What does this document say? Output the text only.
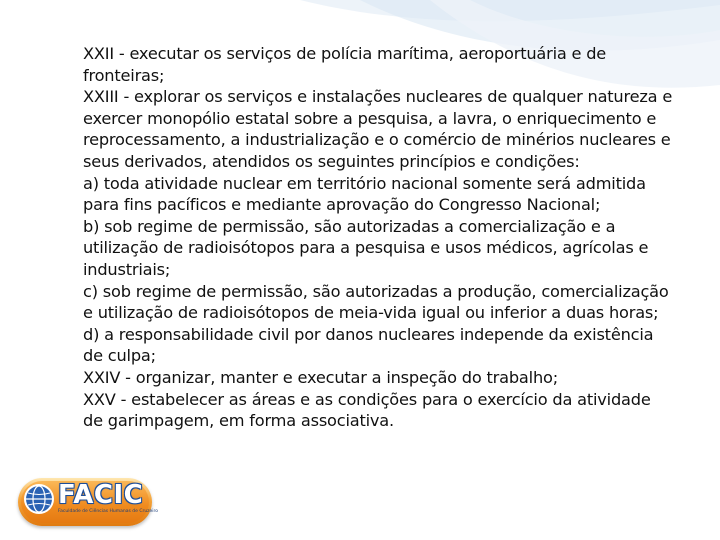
XXII - executar os serviços de polícia marítima, aeroportuária e de fronteiras;

XXIII - explorar os serviços e instalações nucleares de qualquer natureza e exercer monopólio estatal sobre a pesquisa, a lavra, o enriquecimento e reprocessamento, a industrialização e o comércio de minérios nucleares e seus derivados, atendidos os seguintes princípios e condições:

a) toda atividade nuclear em território nacional somente será admitida para fins pacíficos e mediante aprovação do Congresso Nacional;

b) sob regime de permissão, são autorizadas a comercialização e a utilização de radioisótopos para a pesquisa e usos médicos, agrícolas e industriais;

c) sob regime de permissão, são autorizadas a produção, comercialização e utilização de radioisótopos de meia-vida igual ou inferior a duas horas;

d) a responsabilidade civil por danos nucleares independe da existência de culpa;

XXIV - organizar, manter e executar a inspeção do trabalho;

XXV - estabelecer as áreas e as condições para o exercício da atividade de garimpagem, em forma associativa.

FACIC
Faculdade de Ciências Humanas de Cruzeiro
